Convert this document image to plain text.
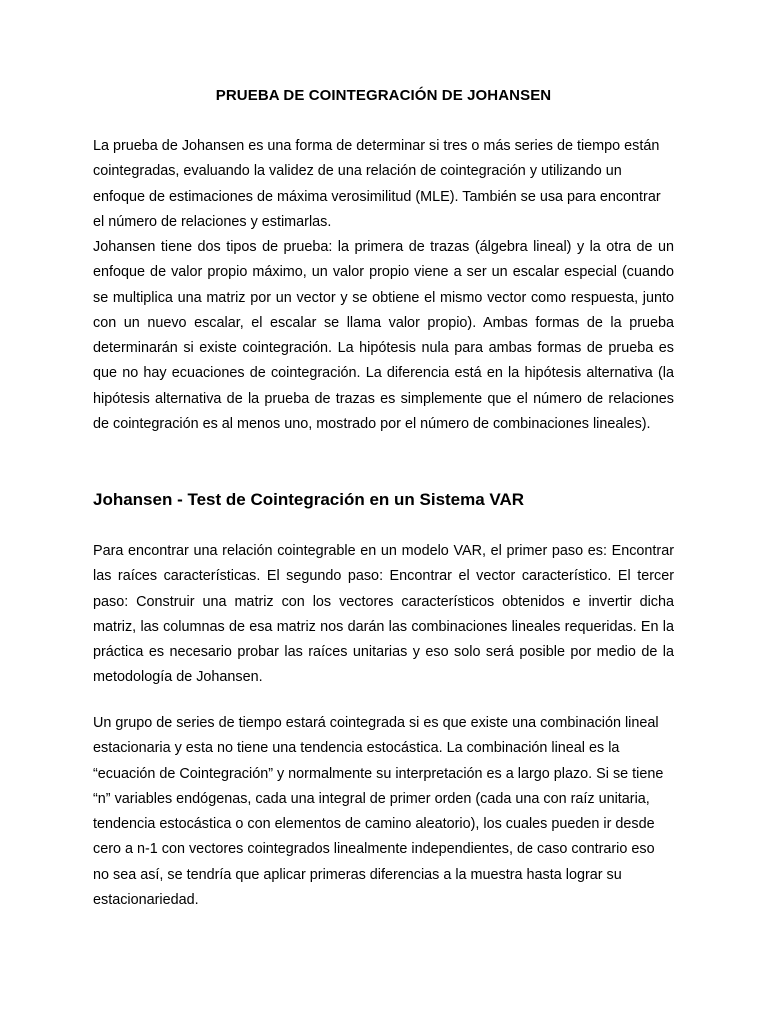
PRUEBA DE COINTEGRACIÓN DE JOHANSEN

La prueba de Johansen es una forma de determinar si tres o más series de tiempo están cointegradas, evaluando la validez de una relación de cointegración y utilizando un enfoque de estimaciones de máxima verosimilitud (MLE). También se usa para encontrar el número de relaciones y estimarlas.

Johansen tiene dos tipos de prueba: la primera de trazas (álgebra lineal) y la otra de un enfoque de valor propio máximo, un valor propio viene a ser un escalar especial (cuando se multiplica una matriz por un vector y se obtiene el mismo vector como respuesta, junto con un nuevo escalar, el escalar se llama valor propio). Ambas formas de la prueba determinarán si existe cointegración. La hipótesis nula para ambas formas de prueba es que no hay ecuaciones de cointegración. La diferencia está en la hipótesis alternativa (la hipótesis alternativa de la prueba de trazas es simplemente que el número de relaciones de cointegración es al menos uno, mostrado por el número de combinaciones lineales).

Johansen - Test de Cointegración en un Sistema VAR

Para encontrar una relación cointegrable en un modelo VAR, el primer paso es: Encontrar las raíces características. El segundo paso: Encontrar el vector característico. El tercer paso: Construir una matriz con los vectores característicos obtenidos e invertir dicha matriz, las columnas de esa matriz nos darán las combinaciones lineales requeridas. En la práctica es necesario probar las raíces unitarias y eso solo será posible por medio de la metodología de Johansen.

Un grupo de series de tiempo estará cointegrada si es que existe una combinación lineal estacionaria y esta no tiene una tendencia estocástica. La combinación lineal es la “ecuación de Cointegración” y normalmente su interpretación es a largo plazo. Si se tiene “n” variables endógenas, cada una integral de primer orden (cada una con raíz unitaria, tendencia estocástica o con elementos de camino aleatorio), los cuales pueden ir desde cero a n-1 con vectores cointegrados linealmente independientes, de caso contrario eso no sea así, se tendría que aplicar primeras diferencias a la muestra hasta lograr su estacionariedad.
